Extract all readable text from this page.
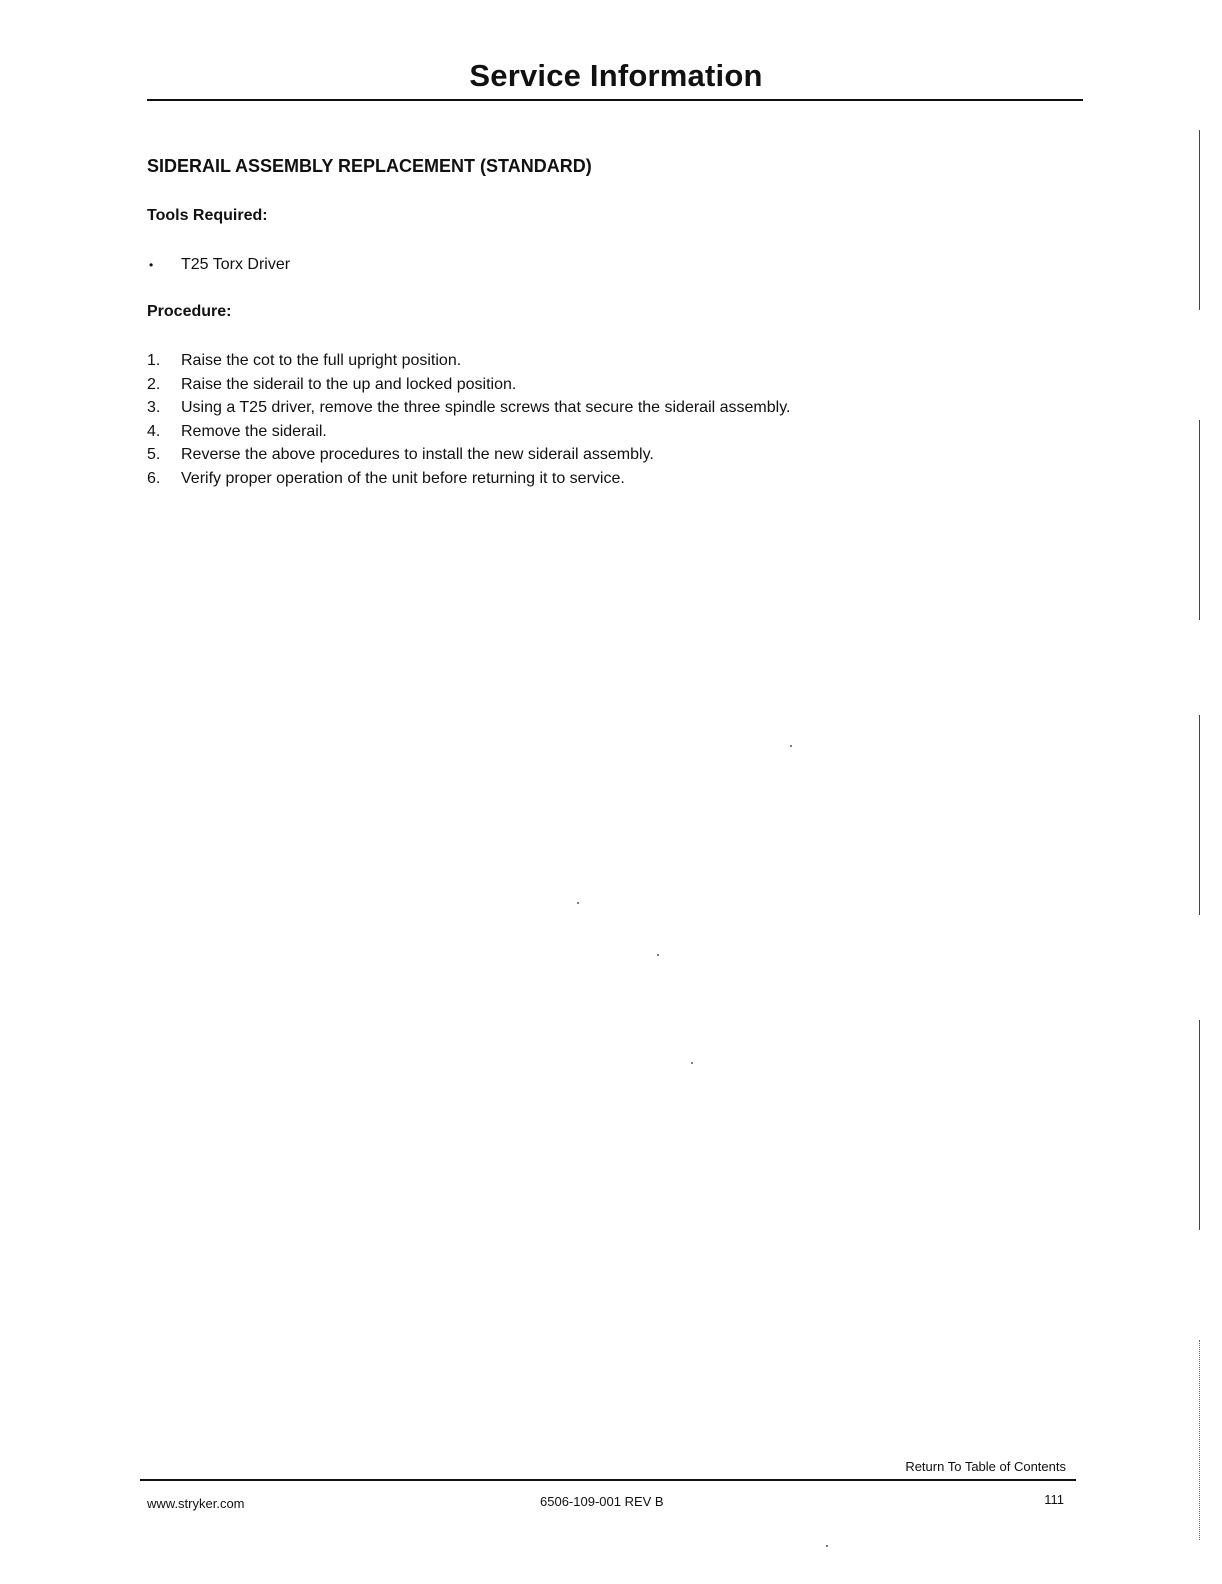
Service Information
SIDERAIL ASSEMBLY REPLACEMENT (STANDARD)
Tools Required:
• T25 Torx Driver
Procedure:
1. Raise the cot to the full upright position.
2. Raise the siderail to the up and locked position.
3. Using a T25 driver, remove the three spindle screws that secure the siderail assembly.
4. Remove the siderail.
5. Reverse the above procedures to install the new siderail assembly.
6. Verify proper operation of the unit before returning it to service.
Return To Table of Contents
www.stryker.com	6506-109-001 REV B	111
